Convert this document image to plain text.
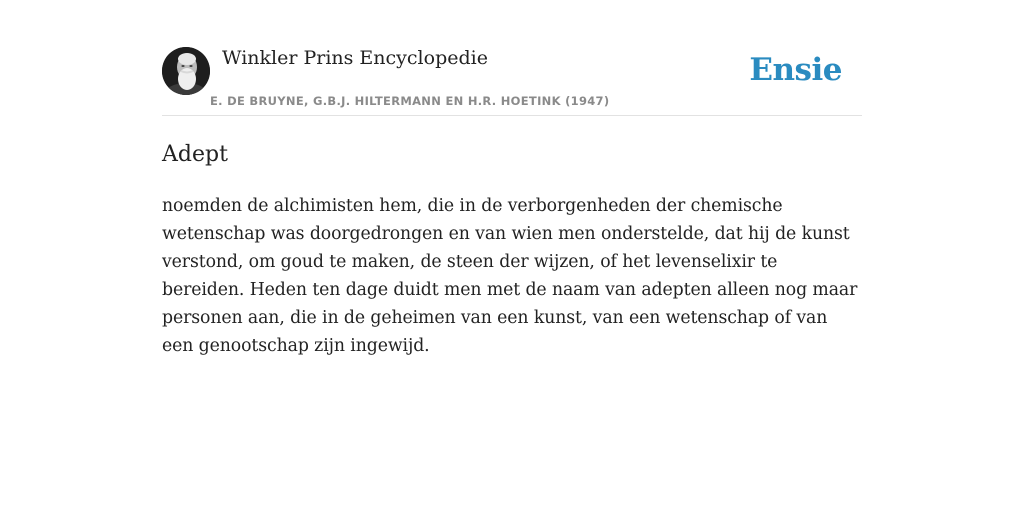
Winkler Prins Encyclopedie
E. DE BRUYNE, G.B.J. HILTERMANN EN H.R. HOETINK (1947)
Ensie
Adept

noemden de alchimisten hem, die in de verborgenheden der chemische wetenschap was doorgedrongen en van wien men onderstelde, dat hij de kunst verstond, om goud te maken, de steen der wijzen, of het levenselixir te bereiden. Heden ten dage duidt men met de naam van adepten alleen nog maar personen aan, die in de geheimen van een kunst, van een wetenschap of van een genootschap zijn ingewijd.
